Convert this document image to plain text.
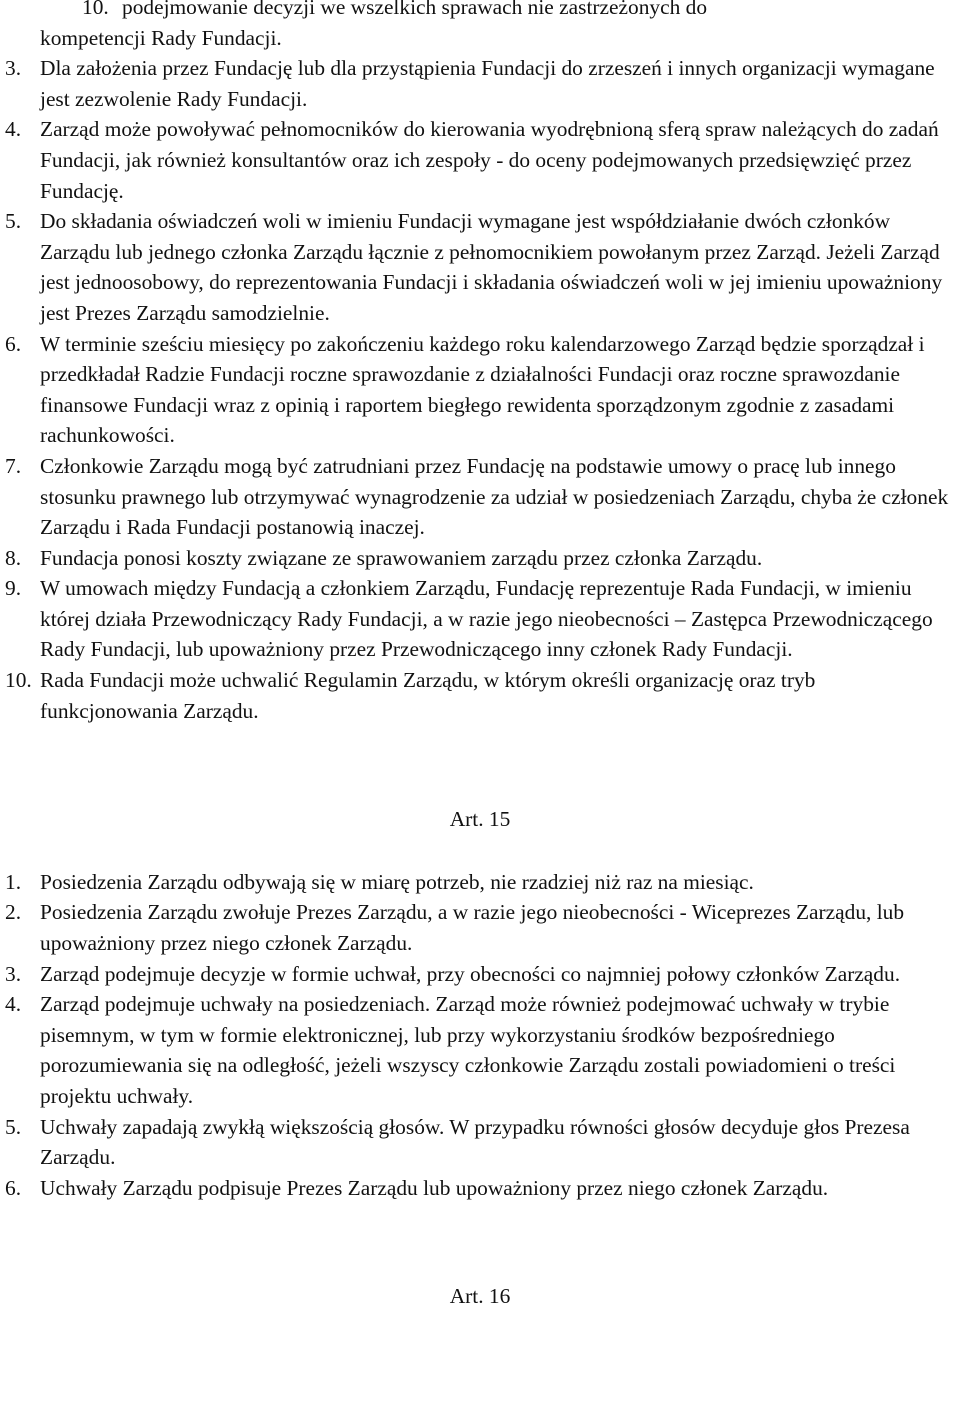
10. podejmowanie decyzji we wszelkich sprawach nie zastrzeżonych do
kompetencji Rady Fundacji.
3. Dla założenia przez Fundację lub dla przystąpienia Fundacji do zrzeszeń i innych organizacji wymagane jest zezwolenie Rady Fundacji.
4. Zarząd może powoływać pełnomocników do kierowania wyodrębnioną sferą spraw należących do zadań Fundacji, jak również konsultantów oraz ich zespoły - do oceny podejmowanych przedsięwzięć przez Fundację.
5. Do składania oświadczeń woli w imieniu Fundacji wymagane jest współdziałanie dwóch członków Zarządu lub jednego członka Zarządu łącznie z pełnomocnikiem powołanym przez Zarząd. Jeżeli Zarząd jest jednoosobowy, do reprezentowania Fundacji i składania oświadczeń woli w jej imieniu upoważniony jest Prezes Zarządu samodzielnie.
6. W terminie sześciu miesięcy po zakończeniu każdego roku kalendarzowego Zarząd będzie sporządzał i przedkładał Radzie Fundacji roczne sprawozdanie z działalności Fundacji oraz roczne sprawozdanie finansowe Fundacji wraz z opinią i raportem biegłego rewidenta sporządzonym zgodnie z zasadami rachunkowości.
7. Członkowie Zarządu mogą być zatrudniani przez Fundację na podstawie umowy o pracę lub innego stosunku prawnego lub otrzymywać wynagrodzenie za udział w posiedzeniach Zarządu, chyba że członek Zarządu i Rada Fundacji postanowią inaczej.
8. Fundacja ponosi koszty związane ze sprawowaniem zarządu przez członka Zarządu.
9. W umowach między Fundacją a członkiem Zarządu, Fundację reprezentuje Rada Fundacji, w imieniu której działa Przewodniczący Rady Fundacji, a w razie jego nieobecności – Zastępca Przewodniczącego Rady Fundacji, lub upoważniony przez Przewodniczącego inny członek Rady Fundacji.
10. Rada Fundacji może uchwalić Regulamin Zarządu, w którym określi organizację oraz tryb funkcjonowania Zarządu.
Art. 15
1. Posiedzenia Zarządu odbywają się w miarę potrzeb, nie rzadziej niż raz na miesiąc.
2. Posiedzenia Zarządu zwołuje Prezes Zarządu, a w razie jego nieobecności - Wiceprezes Zarządu, lub upoważniony przez niego członek Zarządu.
3. Zarząd podejmuje decyzje w formie uchwał, przy obecności co najmniej połowy członków Zarządu.
4. Zarząd podejmuje uchwały na posiedzeniach. Zarząd może również podejmować uchwały w trybie pisemnym, w tym w formie elektronicznej, lub przy wykorzystaniu środków bezpośredniego porozumiewania się na odległość, jeżeli wszyscy członkowie Zarządu zostali powiadomieni o treści projektu uchwały.
5. Uchwały zapadają zwykłą większością głosów. W przypadku równości głosów decyduje głos Prezesa Zarządu.
6. Uchwały Zarządu podpisuje Prezes Zarządu lub upoważniony przez niego członek Zarządu.
Art. 16
